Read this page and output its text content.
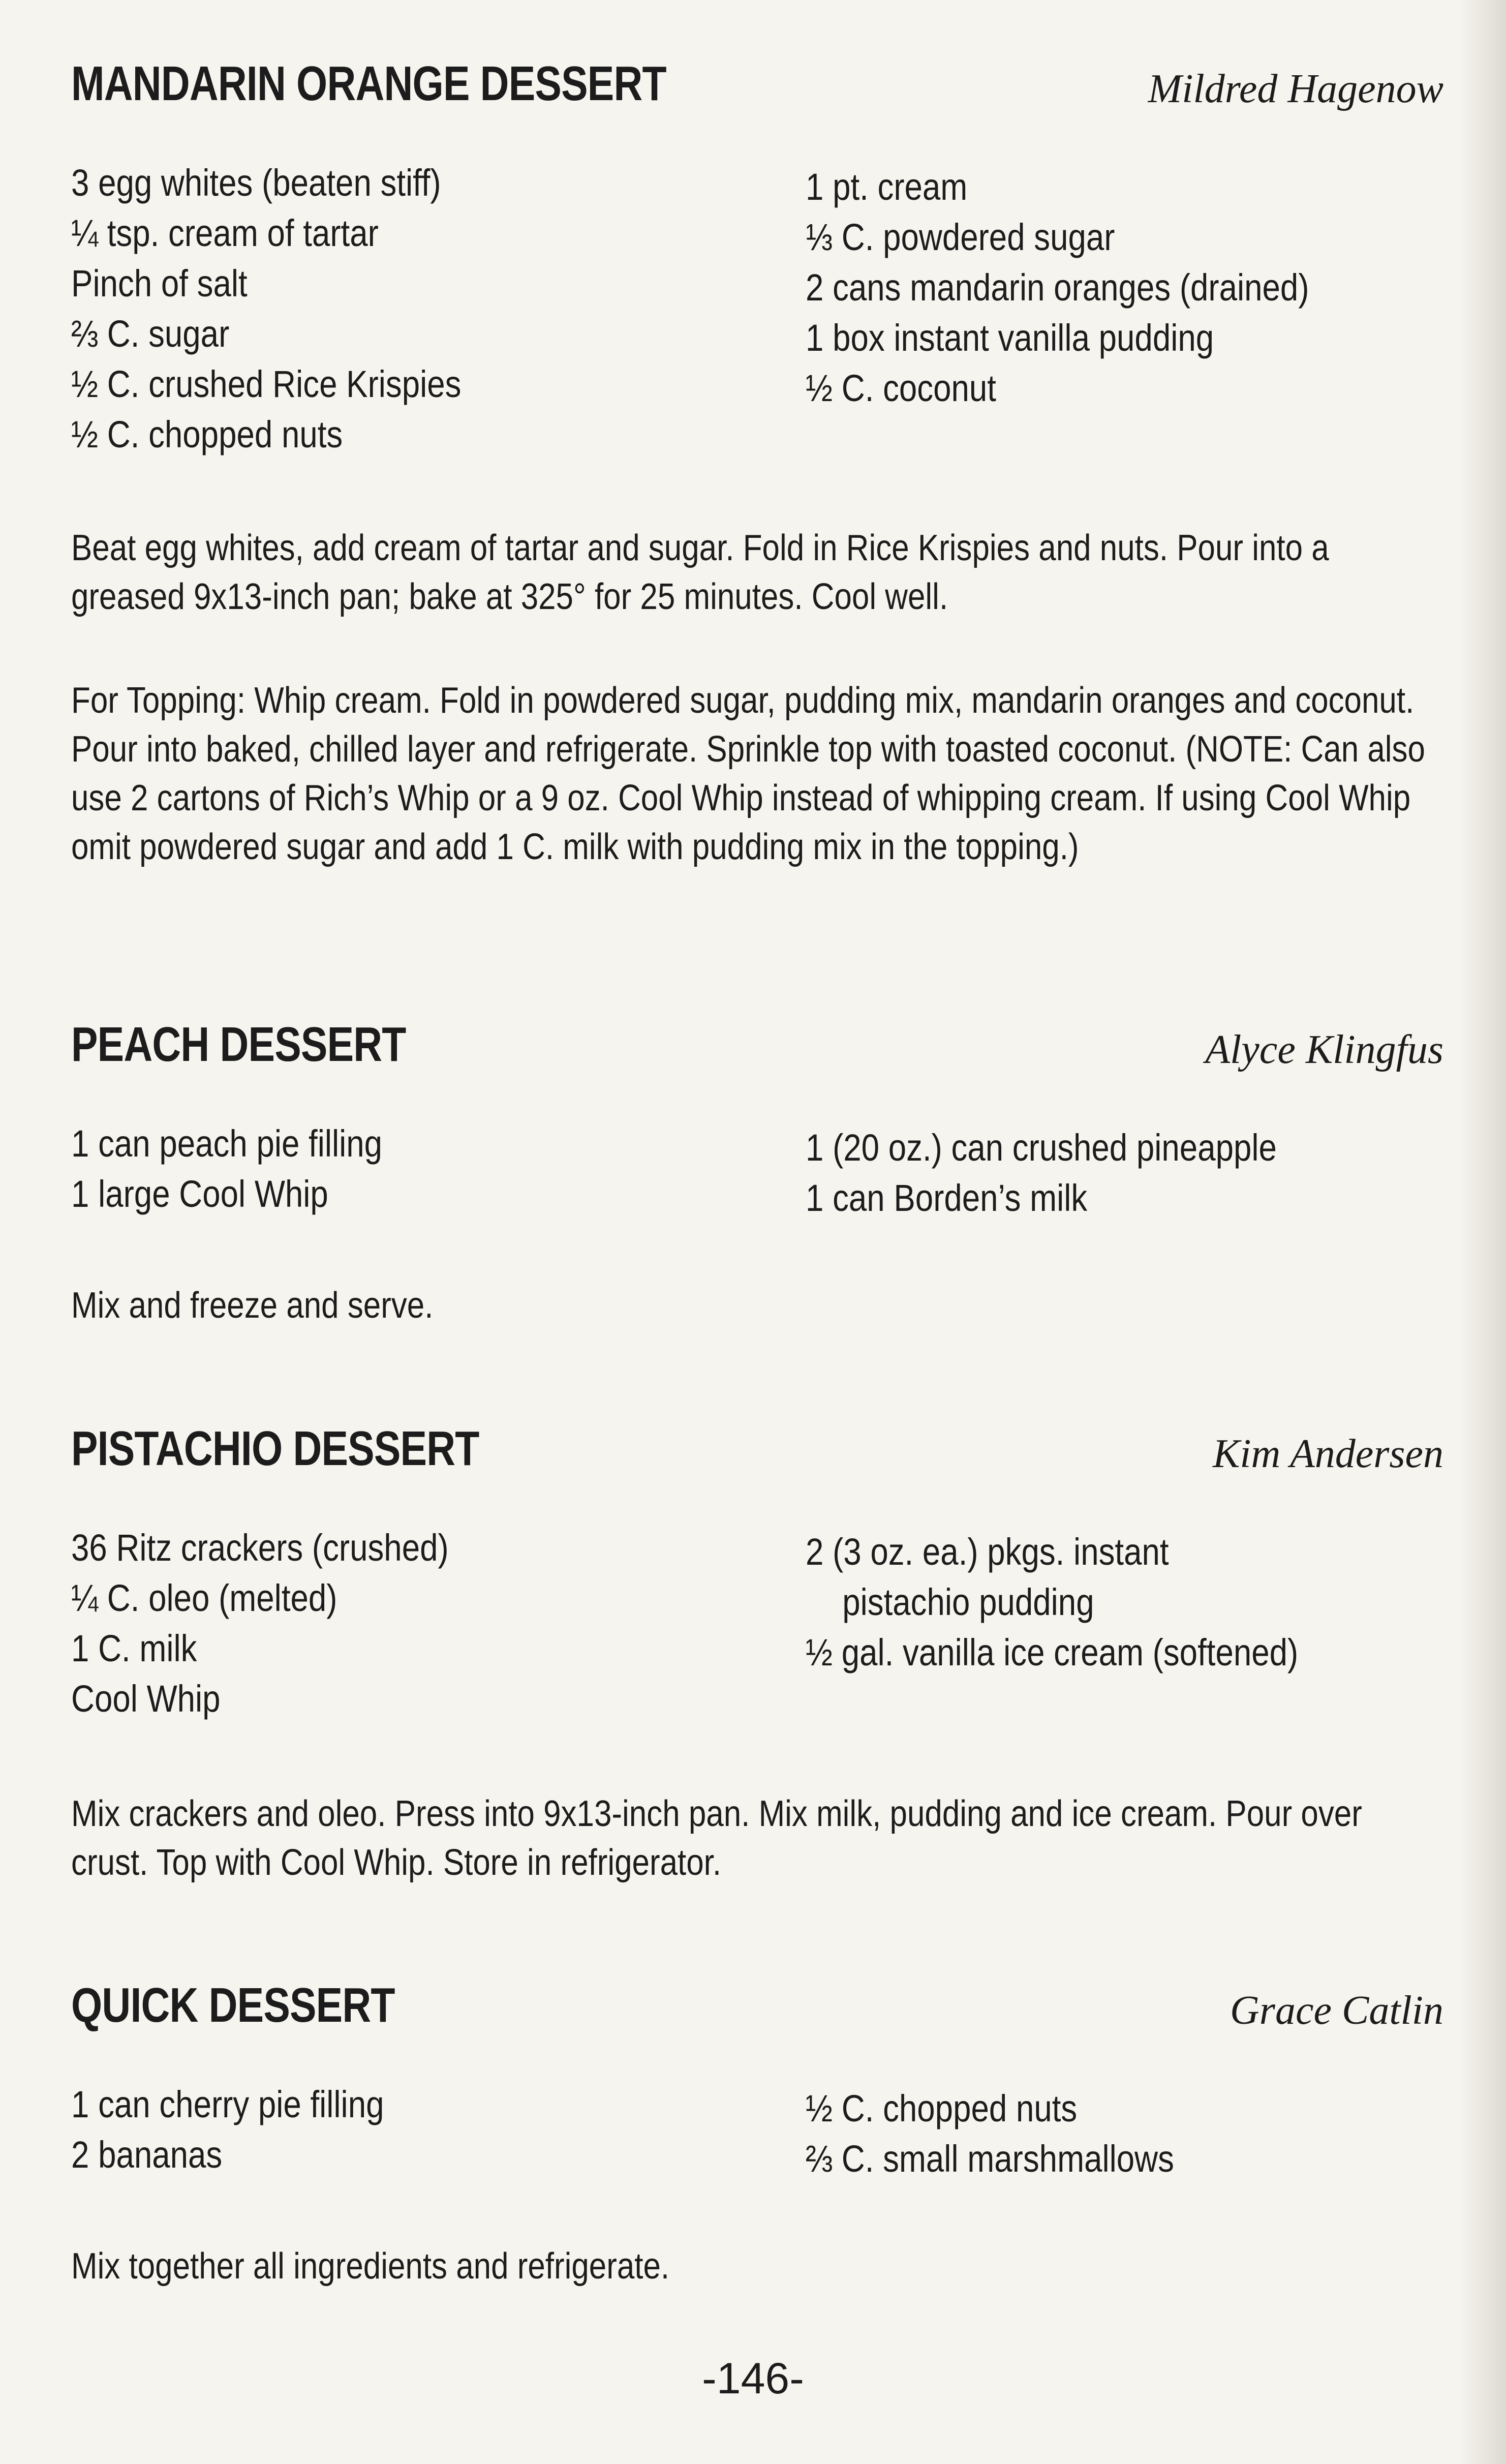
MANDARIN ORANGE DESSERT	Mildred Hagenow
3 egg whites (beaten stiff)
¼ tsp. cream of tartar
Pinch of salt
⅔ C. sugar
½ C. crushed Rice Krispies
½ C. chopped nuts
1 pt. cream
⅓ C. powdered sugar
2 cans mandarin oranges (drained)
1 box instant vanilla pudding
½ C. coconut
Beat egg whites, add cream of tartar and sugar. Fold in Rice Krispies and nuts. Pour into a greased 9x13-inch pan; bake at 325° for 25 minutes. Cool well.
For Topping: Whip cream. Fold in powdered sugar, pudding mix, mandarin oranges and coconut. Pour into baked, chilled layer and refrigerate. Sprinkle top with toasted coconut. (NOTE: Can also use 2 cartons of Rich’s Whip or a 9 oz. Cool Whip instead of whipping cream. If using Cool Whip omit powdered sugar and add 1 C. milk with pudding mix in the topping.)
PEACH DESSERT	Alyce Klingfus
1 can peach pie filling
1 large Cool Whip
1 (20 oz.) can crushed pineapple
1 can Borden’s milk
Mix and freeze and serve.
PISTACHIO DESSERT	Kim Andersen
36 Ritz crackers (crushed)
¼ C. oleo (melted)
1 C. milk
Cool Whip
2 (3 oz. ea.) pkgs. instant
pistachio pudding
½ gal. vanilla ice cream (softened)
Mix crackers and oleo. Press into 9x13-inch pan. Mix milk, pudding and ice cream. Pour over crust. Top with Cool Whip. Store in refrigerator.
QUICK DESSERT	Grace Catlin
1 can cherry pie filling
2 bananas
½ C. chopped nuts
⅔ C. small marshmallows
Mix together all ingredients and refrigerate.
-146-
